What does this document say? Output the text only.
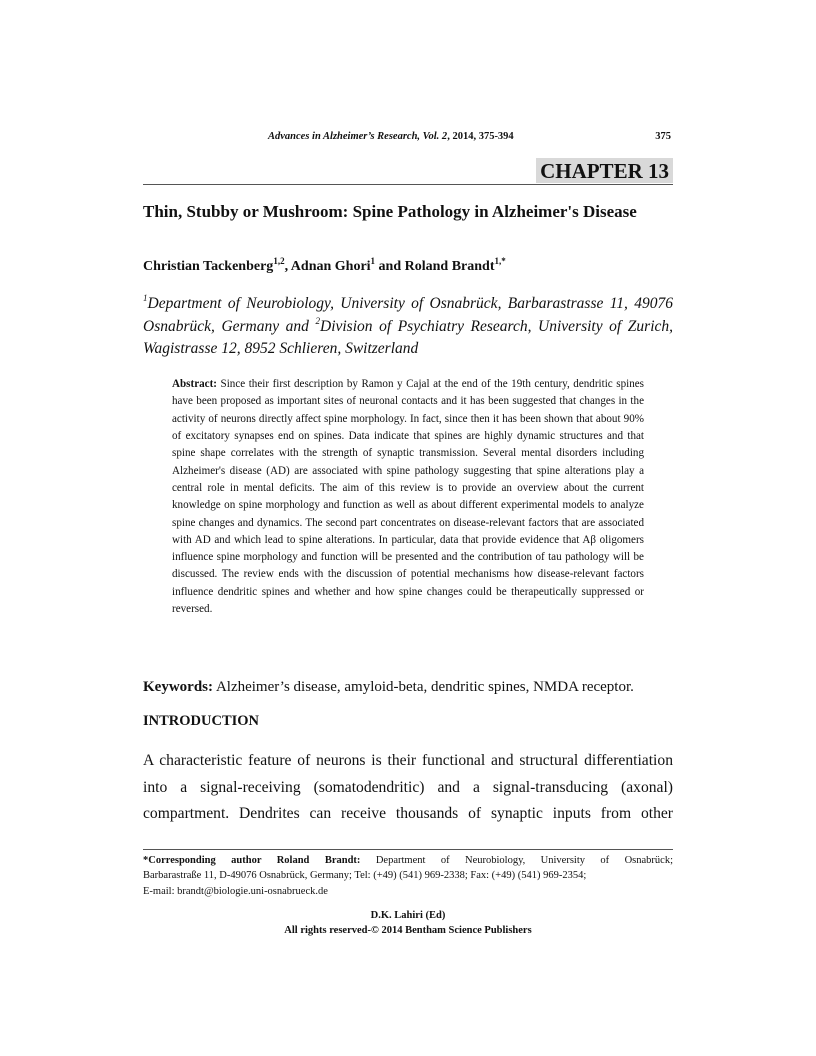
Advances in Alzheimer’s Research, Vol. 2, 2014, 375-394	375
CHAPTER 13
Thin, Stubby or Mushroom: Spine Pathology in Alzheimer's Disease
Christian Tackenberg$^{1,2}$, Adnan Ghori$^1$ and Roland Brandt$^{1,*}$
$^1$Department of Neurobiology, University of Osnabrück, Barbarastrasse 11, 49076 Osnabrück, Germany and $^2$Division of Psychiatry Research, University of Zurich, Wagistrasse 12, 8952 Schlieren, Switzerland
Abstract: Since their first description by Ramon y Cajal at the end of the 19th century, dendritic spines have been proposed as important sites of neuronal contacts and it has been suggested that changes in the activity of neurons directly affect spine morphology. In fact, since then it has been shown that about 90% of excitatory synapses end on spines. Data indicate that spines are highly dynamic structures and that spine shape correlates with the strength of synaptic transmission. Several mental disorders including Alzheimer's disease (AD) are associated with spine pathology suggesting that spine alterations play a central role in mental deficits. The aim of this review is to provide an overview about the current knowledge on spine morphology and function as well as about different experimental models to analyze spine changes and dynamics. The second part concentrates on disease-relevant factors that are associated with AD and which lead to spine alterations. In particular, data that provide evidence that Aβ oligomers influence spine morphology and function will be presented and the contribution of tau pathology will be discussed. The review ends with the discussion of potential mechanisms how disease-relevant factors influence dendritic spines and whether and how spine changes could be therapeutically suppressed or reversed.
Keywords: Alzheimer’s disease, amyloid-beta, dendritic spines, NMDA receptor.
INTRODUCTION
A characteristic feature of neurons is their functional and structural differentiation into a signal-receiving (somatodendritic) and a signal-transducing (axonal) compartment. Dendrites can receive thousands of synaptic inputs from other
*Corresponding author Roland Brandt: Department of Neurobiology, University of Osnabrück;
Barbarastraße 11, D-49076 Osnabrück, Germany; Tel: (+49) (541) 969-2338; Fax: (+49) (541) 969-2354;
E-mail: brandt@biologie.uni-osnabrueck.de
D.K. Lahiri (Ed)
All rights reserved-© 2014 Bentham Science Publishers
